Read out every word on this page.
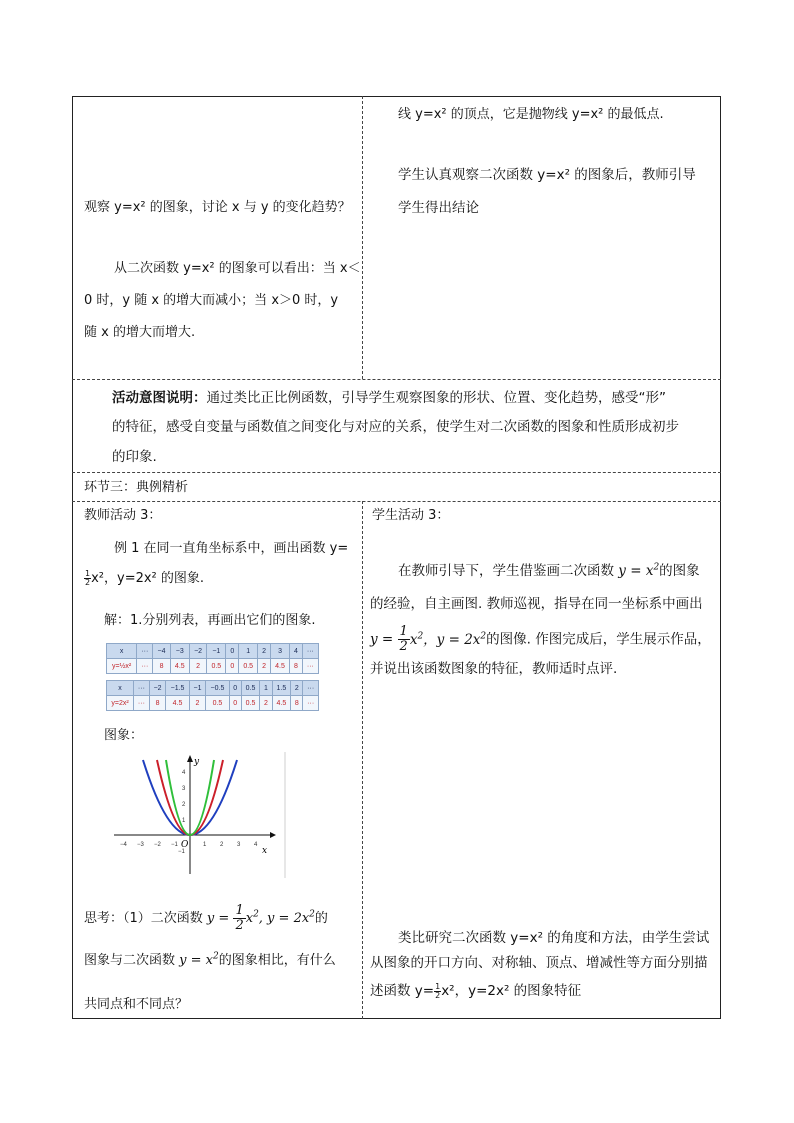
观察 y=x² 的图象，讨论 x 与 y 的变化趋势？
从二次函数 y=x² 的图象可以看出：当 x＜
0 时，y 随 x 的增大而减小；当 x＞0 时，y
随 x 的增大而增大.
线 y=x² 的顶点，它是抛物线 y=x² 的最低点.
学生认真观察二次函数 y=x² 的图象后，教师引导
学生得出结论
活动意图说明：通过类比正比例函数，引导学生观察图象的形状、位置、变化趋势，感受“形”
的特征，感受自变量与函数值之间变化与对应的关系，使学生对二次函数的图象和性质形成初步
的印象.
环节三：典例精析
教师活动 3：
例 1 在同一直角坐标系中，画出函数 y=
$\frac{1}{2} x^2$，y=2x² 的图象.
解：1.分别列表，再画出它们的图象.
x	···	−4	−3	−2	−1	0	1	2	3	4	···
y=½x²	···	8	4.5	2	0.5	0	0.5	2	4.5	8	···
x	···	−2	−1.5	−1	−0.5	0	0.5	1	1.5	2	···
y=2x²	···	8	4.5	2	0.5	0	0.5	2	4.5	8	···
图象：
−4 −3 −2 −1	1 2 3 4
4
3
2
1
−1
y
x
O
思考：（1）二次函数 $y = \frac{1}{2} x^2$, $y = 2x^2$的
图象与二次函数 $y = x^2$的图象相比，有什么
共同点和不同点？
学生活动 3：
在教师引导下，学生借鉴画二次函数 $y = x^2$的图象
的经验，自主画图. 教师巡视，指导在同一坐标系中画出
$y = \frac{1}{2} x^2$，$y = 2x^2$的图像. 作图完成后，学生展示作品，
并说出该函数图象的特征，教师适时点评.
类比研究二次函数 y=x² 的角度和方法，由学生尝试
从图象的开口方向、对称轴、顶点、增减性等方面分别描
述函数 $y= \frac{1}{2} x^2$，y=2x² 的图象特征
